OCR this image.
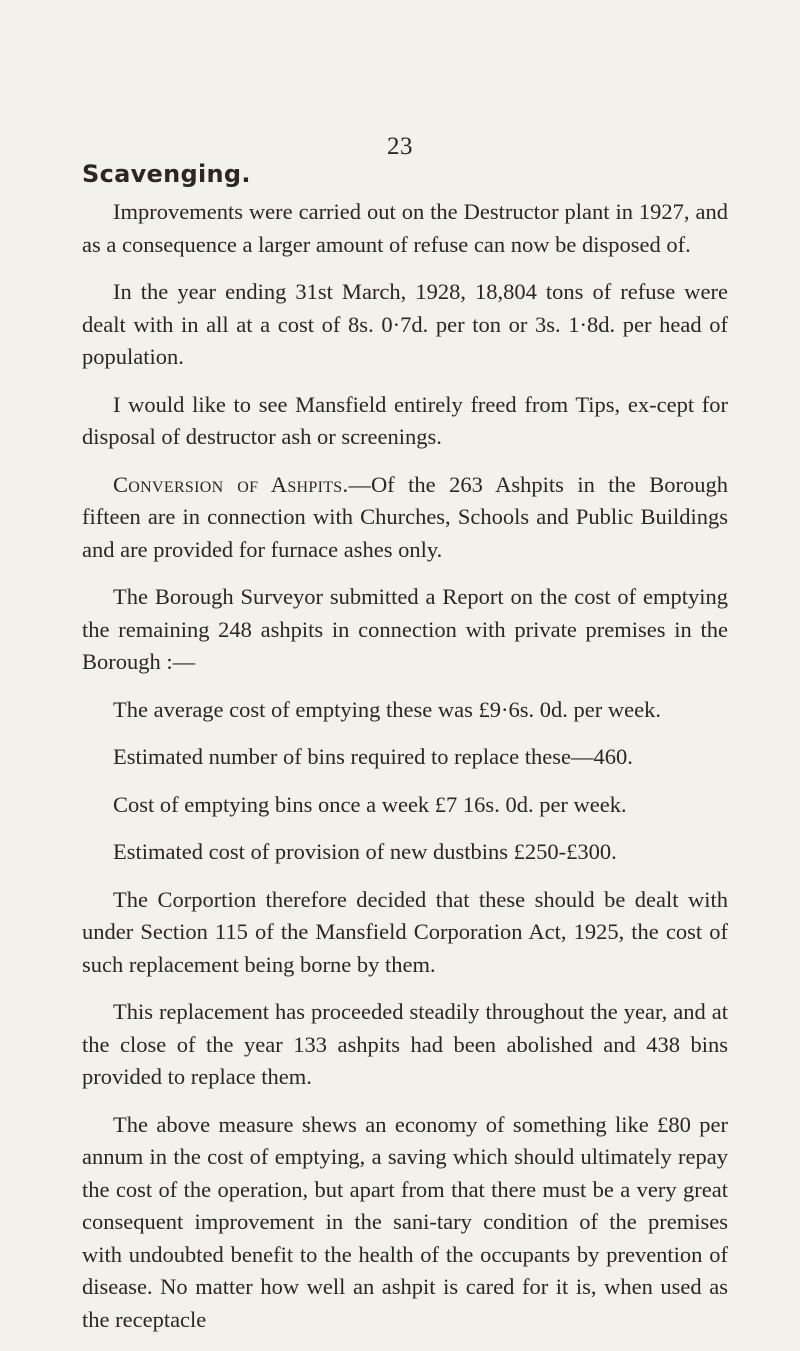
23
Scavenging.

Improvements were carried out on the Destructor plant in 1927, and as a consequence a larger amount of refuse can now be disposed of.

In the year ending 31st March, 1928, 18,804 tons of refuse were dealt with in all at a cost of 8s. 0·7d. per ton or 3s. 1·8d. per head of population.

I would like to see Mansfield entirely freed from Tips, ex-cept for disposal of destructor ash or screenings.

Conversion of Ashpits.—Of the 263 Ashpits in the Borough fifteen are in connection with Churches, Schools and Public Buildings and are provided for furnace ashes only.

The Borough Surveyor submitted a Report on the cost of emptying the remaining 248 ashpits in connection with private premises in the Borough :—

The average cost of emptying these was £9·6s. 0d. per week.

Estimated number of bins required to replace these—460.

Cost of emptying bins once a week £7 16s. 0d. per week.

Estimated cost of provision of new dustbins £250-£300.

The Corportion therefore decided that these should be dealt with under Section 115 of the Mansfield Corporation Act, 1925, the cost of such replacement being borne by them.

This replacement has proceeded steadily throughout the year, and at the close of the year 133 ashpits had been abolished and 438 bins provided to replace them.

The above measure shews an economy of something like £80 per annum in the cost of emptying, a saving which should ultimately repay the cost of the operation, but apart from that there must be a very great consequent improvement in the sani-tary condition of the premises with undoubted benefit to the health of the occupants by prevention of disease. No matter how well an ashpit is cared for it is, when used as the receptacle
